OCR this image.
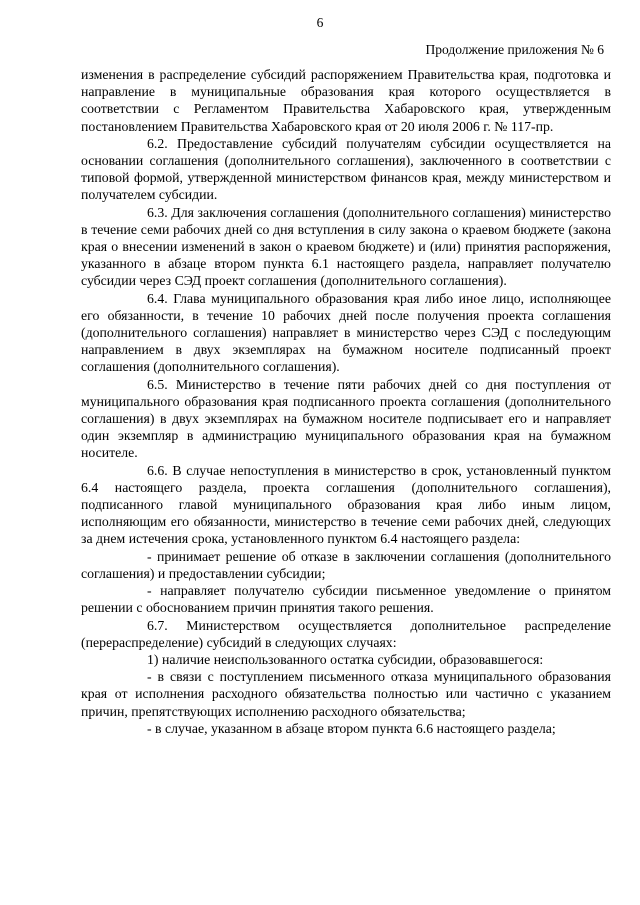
6
Продолжение приложения № 6

изменения в распределение субсидий распоряжением Правительства края, подготовка и направление в муниципальные образования края которого осуществляется в соответствии с Регламентом Правительства Хабаровского края, утвержденным постановлением Правительства Хабаровского края от 20 июля 2006 г. № 117-пр.

6.2. Предоставление субсидий получателям субсидии осуществляется на основании соглашения (дополнительного соглашения), заключенного в соответствии с типовой формой, утвержденной министерством финансов края, между министерством и получателем субсидии.

6.3. Для заключения соглашения (дополнительного соглашения) министерство в течение семи рабочих дней со дня вступления в силу закона о краевом бюджете (закона края о внесении изменений в закон о краевом бюджете) и (или) принятия распоряжения, указанного в абзаце втором пункта 6.1 настоящего раздела, направляет получателю субсидии через СЭД проект соглашения (дополнительного соглашения).

6.4. Глава муниципального образования края либо иное лицо, исполняющее его обязанности, в течение 10 рабочих дней после получения проекта соглашения (дополнительного соглашения) направляет в министерство через СЭД с последующим направлением в двух экземплярах на бумажном носителе подписанный проект соглашения (дополнительного соглашения).

6.5. Министерство в течение пяти рабочих дней со дня поступления от муниципального образования края подписанного проекта соглашения (дополнительного соглашения) в двух экземплярах на бумажном носителе подписывает его и направляет один экземпляр в администрацию муниципального образования края на бумажном носителе.

6.6. В случае непоступления в министерство в срок, установленный пунктом 6.4 настоящего раздела, проекта соглашения (дополнительного соглашения), подписанного главой муниципального образования края либо иным лицом, исполняющим его обязанности, министерство в течение семи рабочих дней, следующих за днем истечения срока, установленного пунктом 6.4 настоящего раздела:

- принимает решение об отказе в заключении соглашения (дополнительного соглашения) и предоставлении субсидии;

- направляет получателю субсидии письменное уведомление о принятом решении с обоснованием причин принятия такого решения.

6.7. Министерством осуществляется дополнительное распределение (перераспределение) субсидий в следующих случаях:

1) наличие неиспользованного остатка субсидии, образовавшегося:

- в связи с поступлением письменного отказа муниципального образования края от исполнения расходного обязательства полностью или частично с указанием причин, препятствующих исполнению расходного обязательства;

- в случае, указанном в абзаце втором пункта 6.6 настоящего раздела;
